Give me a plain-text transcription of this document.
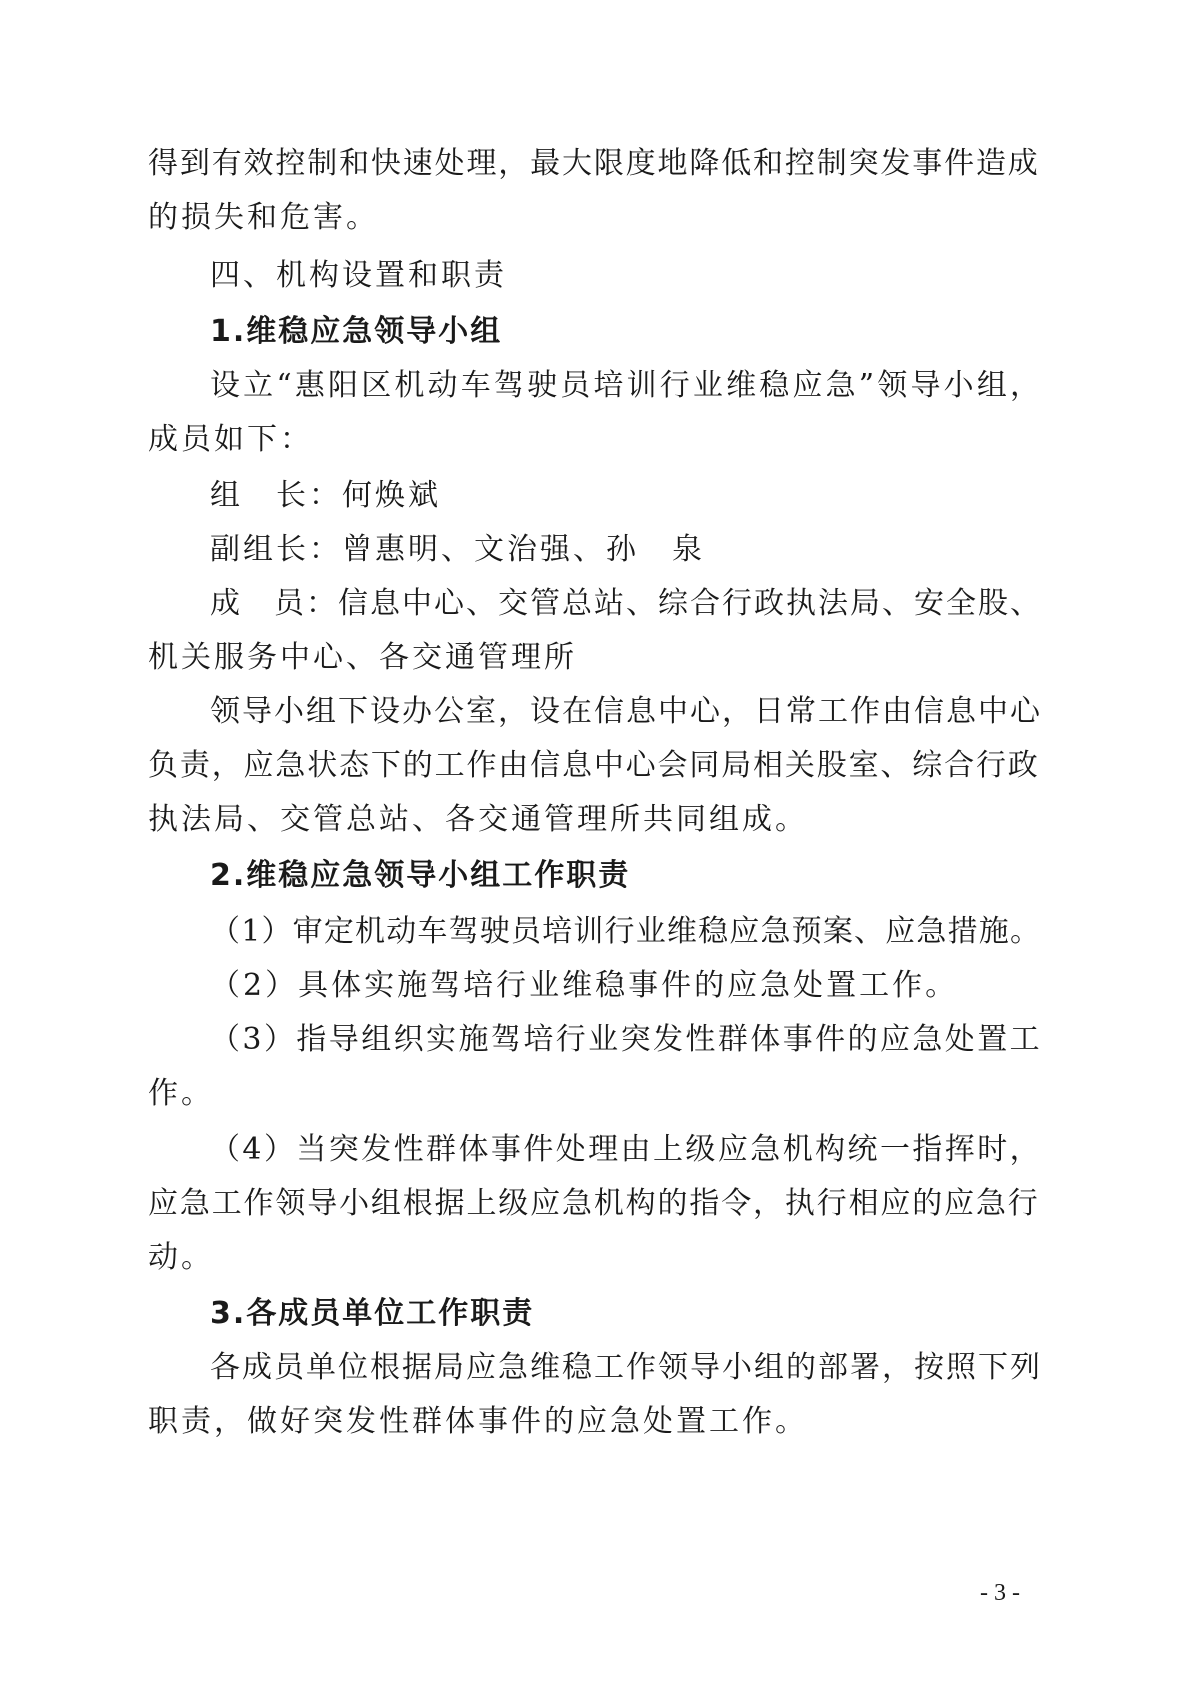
得 到 有 效 控 制 和 快 速 处 理 ， 最 大 限 度 地 降 低 和 控 制 突 发 事 件 造 成

的损失和危害。

四、机构设置和职责

1.维稳应急领导小组

设 立 “ 惠 阳 区 机 动 车 驾 驶 员 培 训 行 业 维 稳 应 急 ” 领 导 小 组 ，

成员如下：

组　长：何焕斌

副组长：曾惠明、文治强、孙　泉

成
　 员 ： 信 息 中 心 、 交 管 总 站 、 综 合 行 政 执 法 局 、 安 全 股 、

机关服务中心、各交通管理所

领 导 小 组 下 设 办 公 室 ， 设 在 信 息 中 心 ， 日 常 工 作 由 信 息 中 心

负 责 ， 应 急 状 态 下 的 工 作 由 信 息 中 心 会 同 局 相 关 股 室 、 综 合 行 政

执法局、交管总站、各交通管理所共同组成。

2.维稳应急领导小组工作职责

（ 1 ） 审 定 机 动 车 驾 驶 员 培 训 行 业 维 稳 应 急 预 案 、 应 急 措 施 。

（2）具体实施驾培行业维稳事件的应急处置工作。

（ 3 ） 指 导 组 织 实 施 驾 培 行 业 突 发 性 群 体 事 件 的 应 急 处 置 工

作。

（ 4 ） 当 突 发 性 群 体 事 件 处 理 由 上 级 应 急 机 构 统 一 指 挥 时 ，

应 急 工 作 领 导 小 组 根 据 上 级 应 急 机 构 的 指 令 ， 执 行 相 应 的 应 急 行

动。

3.各成员单位工作职责

各 成 员 单 位 根 据 局 应 急 维 稳 工 作 领 导 小 组 的 部 署 ， 按 照 下 列

职责，做好突发性群体事件的应急处置工作。

- 3 -
